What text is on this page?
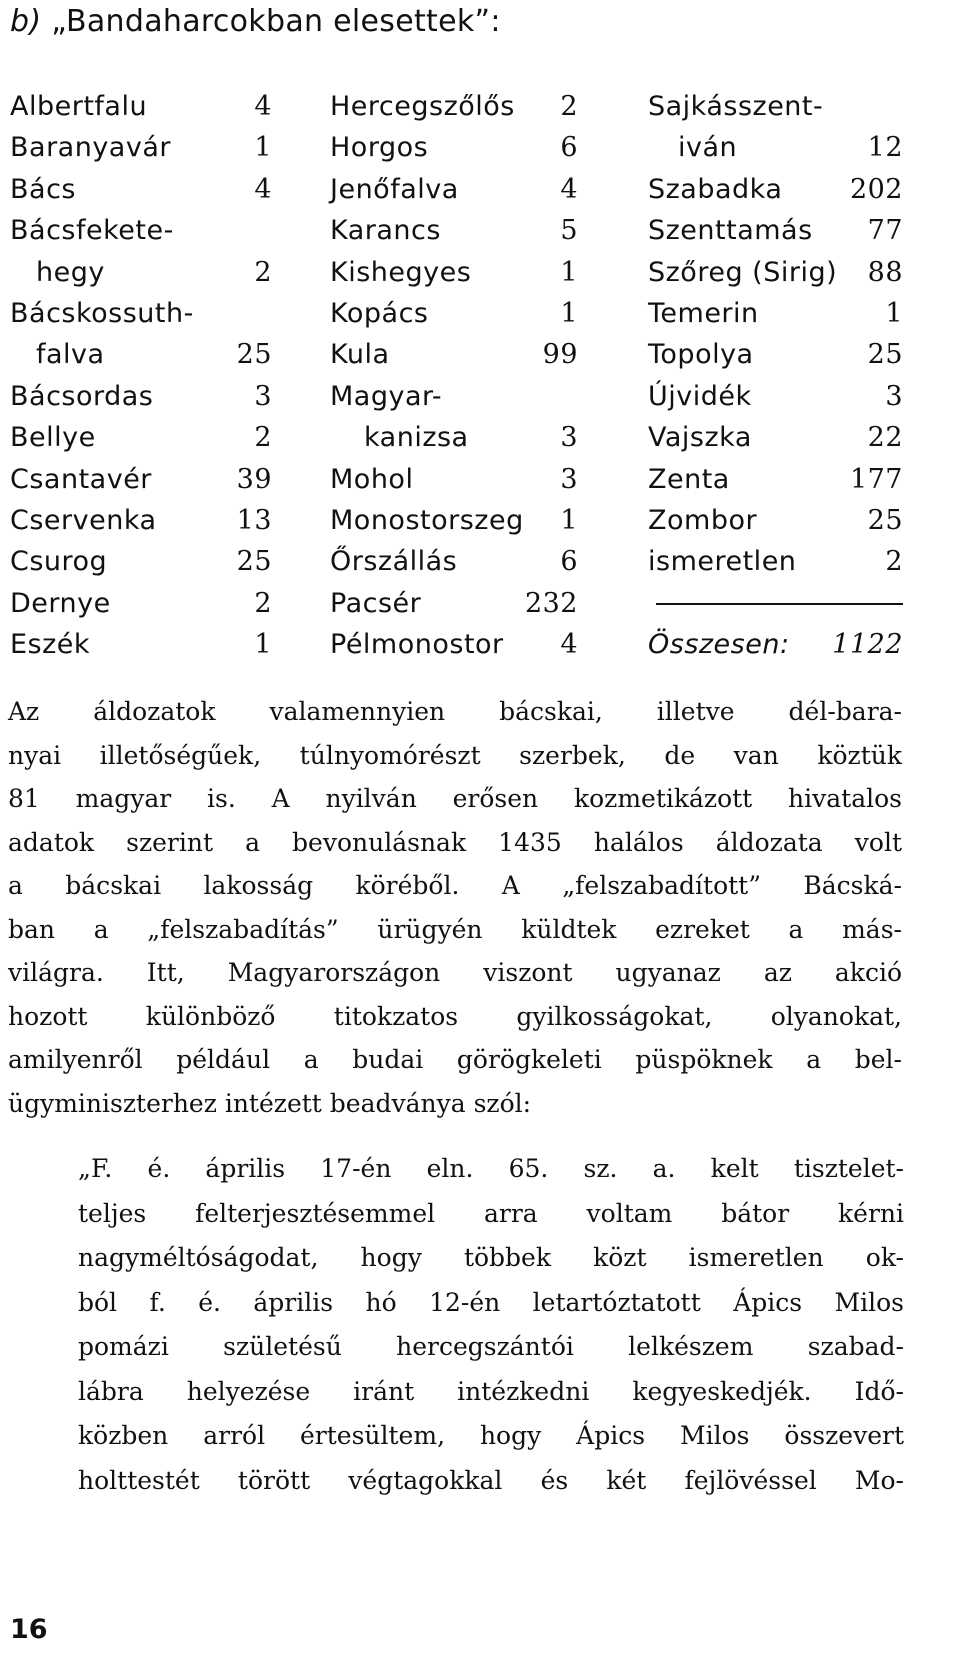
b) „Bandaharcokban elesettek”:
Albertfalu	4
Baranyavár	1
Bács	4
Bácsfekete-
hegy	2
Bácskossuth-
falva	25
Bácsordas	3
Bellye	2
Csantavér	39
Cservenka	13
Csurog	25
Dernye	2
Eszék	1
Hercegszőlős 2
Horgos	6
Jenőfalva	4
Karancs	5
Kishegyes	1
Kopács	1
Kula	99
Magyar-
kanizsa	3
Mohol	3
Monostorszeg 1
Őrszállás	6
Pacsér	232
Pélmonostor 4
Sajkásszent-
iván	12
Szabadka	202
Szenttamás 77
Szőreg (Sirig) 88
Temerin	1
Topolya	25
Újvidék	3
Vajszka	22
Zenta	177
Zombor	25
ismeretlen	2
Összesen: 1122
Az áldozatok valamennyien bácskai, illetve dél-bara-
nyai illetőségűek, túlnyomórészt szerbek, de van köztük
81 magyar is. A nyilván erősen kozmetikázott hivatalos
adatok szerint a bevonulásnak 1435 halálos áldozata volt
a bácskai lakosság köréből. A „felszabadított” Bácská-
ban a „felszabadítás” ürügyén küldtek ezreket a más-
világra. Itt, Magyarországon viszont ugyanaz az akció
hozott különböző titokzatos gyilkosságokat, olyanokat,
amilyenről például a budai görögkeleti püspöknek a bel-
ügyminiszterhez intézett beadványa szól:
„F. é. április 17-én eln. 65. sz. a. kelt tisztelet-
teljes felterjesztésemmel arra voltam bátor kérni
nagyméltóságodat, hogy többek közt ismeretlen ok-
ból f. é. április hó 12-én letartóztatott Ápics Milos
pomázi születésű hercegszántói lelkészem szabad-
lábra helyezése iránt intézkedni kegyeskedjék. Idő-
közben arról értesültem, hogy Ápics Milos összevert
holttestét törött végtagokkal és két fejlövéssel Mo-
16
